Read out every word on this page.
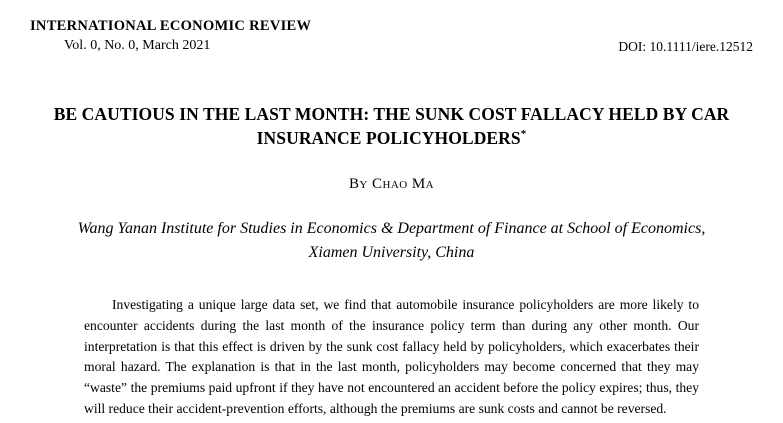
INTERNATIONAL ECONOMIC REVIEW
Vol. 0, No. 0, March 2021	DOI: 10.1111/iere.12512
BE CAUTIOUS IN THE LAST MONTH: THE SUNK COST FALLACY HELD BY CAR INSURANCE POLICYHOLDERS*
By Chao Ma
Wang Yanan Institute for Studies in Economics & Department of Finance at School of Economics, Xiamen University, China

Investigating a unique large data set, we find that automobile insurance policyholders are more likely to encounter accidents during the last month of the insurance policy term than during any other month. Our interpretation is that this effect is driven by the sunk cost fallacy held by policyholders, which exacerbates their moral hazard. The explanation is that in the last month, policyholders may become concerned that they may “waste” the premiums paid upfront if they have not encountered an accident before the policy expires; thus, they will reduce their accident-prevention efforts, although the premiums are sunk costs and cannot be reversed.
